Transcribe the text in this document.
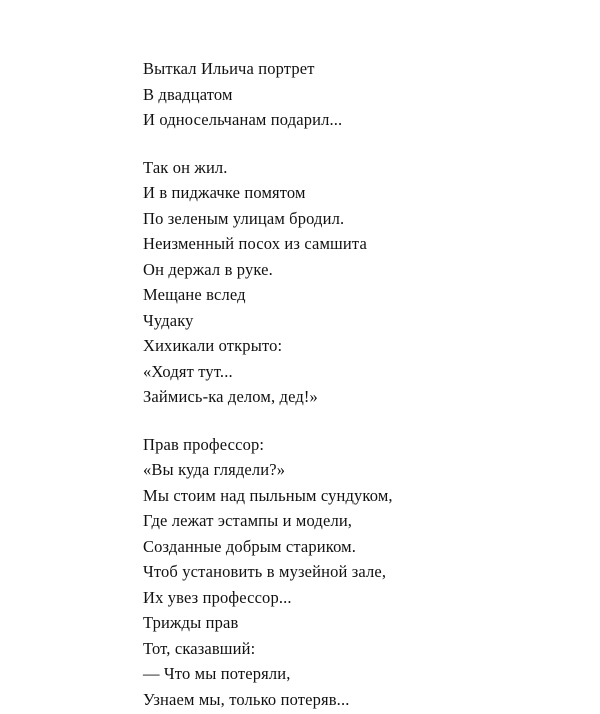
Выткал Ильича портрет
В двадцатом
И односельчанам подарил...
Так он жил.
И в пиджачке помятом
По зеленым улицам бродил.
Неизменный посох из самшита
Он держал в руке.
Мещане вслед
Чудаку
Хихикали открыто:
«Ходят тут...
Займись-ка делом, дед!»
Прав профессор:
«Вы куда глядели?»
Мы стоим над пыльным сундуком,
Где лежат эстампы и модели,
Созданные добрым стариком.
Чтоб установить в музейной зале,
Их увез профессор...
Трижды прав
Тот, сказавший:
— Что мы потеряли,
Узнаем мы, только потеряв...
